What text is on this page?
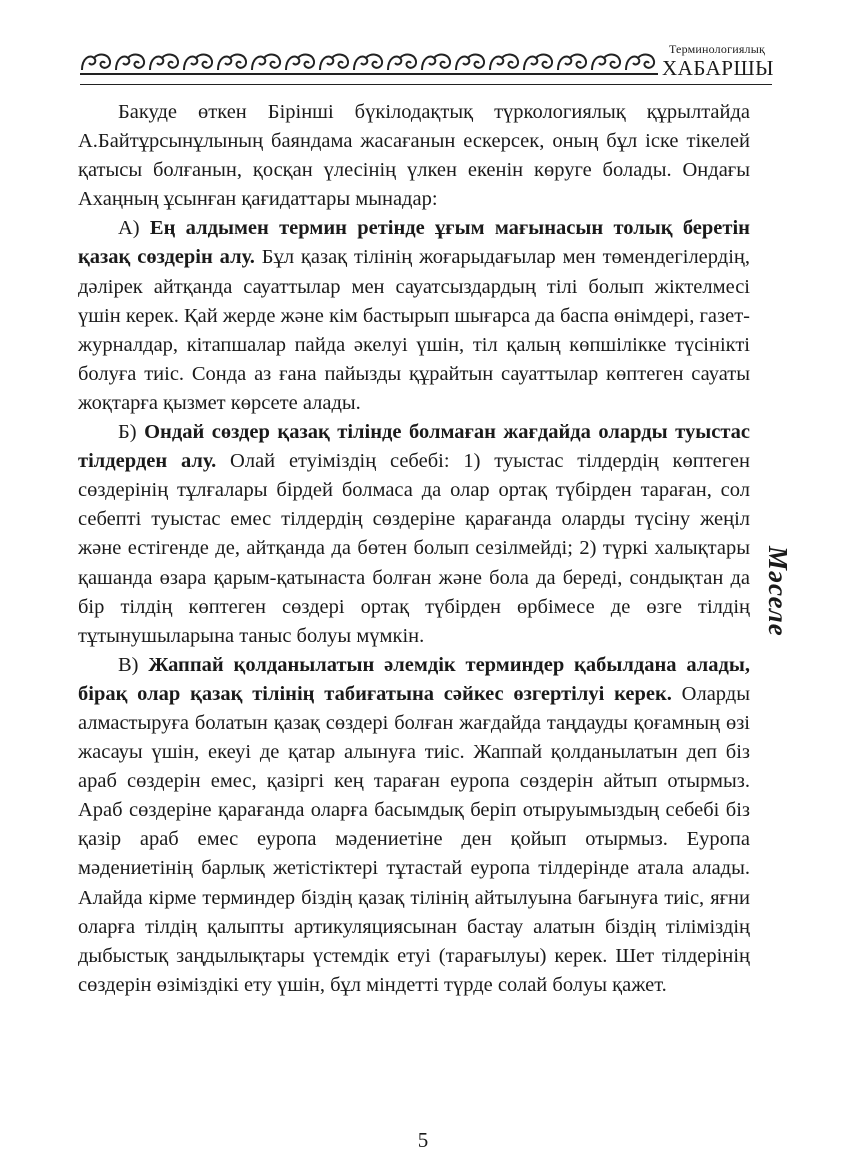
Терминологиялық
ХАБАРШЫ

Бакуде өткен Бірінші бүкілодақтық түркологиялық құрылтайда А.Байтұрсынұлының баяндама жасағанын ескерсек, оның бұл іске тікелей қатысы болғанын, қосқан үлесінің үлкен екенін көруге болады. Ондағы Ахаңның ұсынған қағидаттары мынадар:

А) Ең алдымен термин ретінде ұғым мағынасын толық беретін қазақ сөздерін алу. Бұл қазақ тілінің жоғарыдағылар мен төмендегілердің, дәлірек айтқанда сауаттылар мен сауатсыздардың тілі болып жіктелмесі үшін керек. Қай жерде және кім бастырып шығарса да баспа өнімдері, газет-журналдар, кітапшалар пайда әкелуі үшін, тіл қалың көпшілікке түсінікті болуға тиіс. Сонда аз ғана пайызды құрайтын сауаттылар көптеген сауаты жоқтарға қызмет көрсете алады.

Б) Ондай сөздер қазақ тілінде болмаған жағдайда оларды туыстас тілдерден алу. Олай етуіміздің себебі: 1) туыстас тілдердің көптеген сөздерінің тұлғалары бірдей болмаса да олар ортақ түбірден тараған, сол себепті туыстас емес тілдердің сөздеріне қарағанда оларды түсіну жеңіл және естігенде де, айтқанда да бөтен болып сезілмейді; 2) түркі халықтары қашанда өзара қарым-қатынаста болған және бола да береді, сондықтан да бір тілдің көптеген сөздері ортақ түбірден өрбімесе де өзге тілдің тұтынушыларына таныс болуы мүмкін.

В) Жаппай қолданылатын әлемдік терминдер қабылдана алады, бірақ олар қазақ тілінің табиғатына сәйкес өзгертілуі керек. Оларды алмастыруға болатын қазақ сөздері болған жағдайда таңдауды қоғамның өзі жасауы үшін, екеуі де қатар алынуға тиіс. Жаппай қолданылатын деп біз араб сөздерін емес, қазіргі кең тараған еуропа сөздерін айтып отырмыз. Араб сөздеріне қарағанда оларға басымдық беріп отыруымыздың себебі біз қазір араб емес еуропа мәдениетіне ден қойып отырмыз. Еуропа мәдениетінің барлық жетістіктері тұтастай еуропа тілдерінде атала алады. Алайда кірме терминдер біздің қазақ тілінің айтылуына бағынуға тиіс, яғни оларға тілдің қалыпты артикуляциясынан бастау алатын біздің тіліміздің дыбыстық заңдылықтары үстемдік етуі (тарағылуы) керек. Шет тілдерінің сөздерін өзіміздікі ету үшін, бұл міндетті түрде солай болуы қажет.

Мәселе
5
